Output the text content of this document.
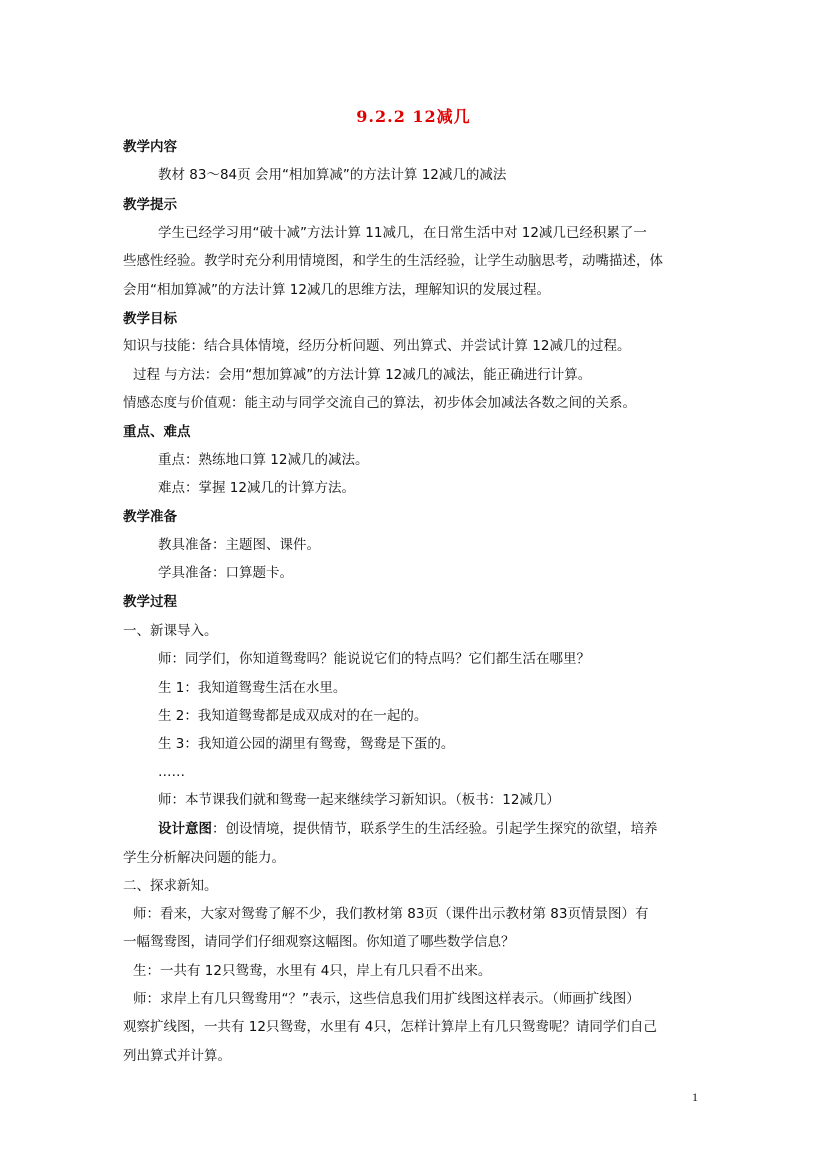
9.2.2 12减几
教学内容
教材 83～84页 会用“相加算减”的方法计算 12减几的减法
教学提示
学生已经学习用“破十减”方法计算 11减几，在日常生活中对 12减几已经积累了一
些感性经验。教学时充分利用情境图，和学生的生活经验，让学生动脑思考，动嘴描述，体
会用“相加算减”的方法计算 12减几的思维方法，理解知识的发展过程。
教学目标
知识与技能：结合具体情境，经历分析问题、列出算式、并尝试计算 12减几的过程。
过程 与方法：会用“想加算减”的方法计算 12减几的减法，能正确进行计算。
情感态度与价值观：能主动与同学交流自己的算法，初步体会加减法各数之间的关系。
重点、难点
重点：熟练地口算 12减几的减法。
难点：掌握 12减几的计算方法。
教学准备
教具准备：主题图、课件。
学具准备：口算题卡。
教学过程
一、新课导入。
师：同学们，你知道鸳鸯吗？能说说它们的特点吗？它们都生活在哪里？
生 1：我知道鸳鸯生活在水里。
生 2：我知道鸳鸯都是成双成对的在一起的。
生 3：我知道公园的湖里有鸳鸯，鸳鸯是下蛋的。
……
师：本节课我们就和鸳鸯一起来继续学习新知识。（板书：12减几）
设计意图：创设情境，提供情节，联系学生的生活经验。引起学生探究的欲望，培养
学生分析解决问题的能力。
二、探求新知。
师：看来，大家对鸳鸯了解不少，我们教材第 83页（课件出示教材第 83页情景图）有
一幅鸳鸯图，请同学们仔细观察这幅图。你知道了哪些数学信息？
生：一共有 12只鸳鸯，水里有 4只，岸上有几只看不出来。
师：求岸上有几只鸳鸯用“？”表示，这些信息我们用扩线图这样表示。（师画扩线图）
观察扩线图，一共有 12只鸳鸯，水里有 4只，怎样计算岸上有几只鸳鸯呢？请同学们自己
列出算式并计算。
1
